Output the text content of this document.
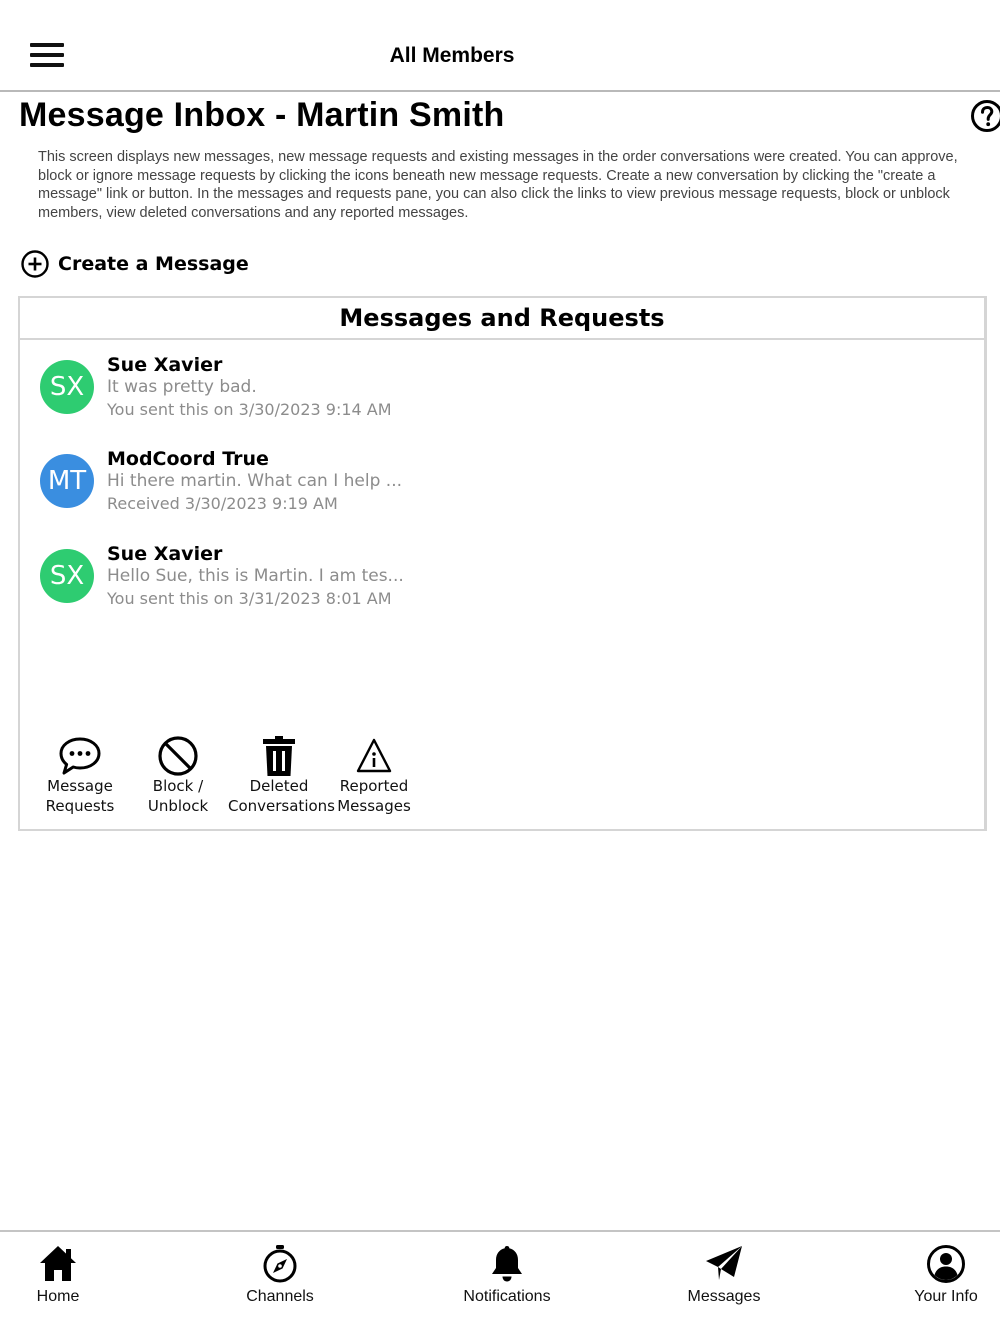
All Members
Message Inbox - Martin Smith
This screen displays new messages, new message requests and existing messages in the order conversations were created. You can approve, block or ignore message requests by clicking the icons beneath new message requests. Create a new conversation by clicking the "create a message" link or button. In the messages and requests pane, you can also click the links to view previous message requests, block or unblock members, view deleted conversations and any reported messages.
Create a Message
Messages and Requests
SX
Sue Xavier
It was pretty bad.
You sent this on 3/30/2023 9:14 AM
MT
ModCoord True
Hi there martin. What can I help ...
Received 3/30/2023 9:19 AM
SX
Sue Xavier
Hello Sue, this is Martin. I am tes...
You sent this on 3/31/2023 8:01 AM
Message
Requests
Block /
Unblock
Deleted
Conversations
Reported
Messages
Home	Channels	Notifications	Messages	Your Info
